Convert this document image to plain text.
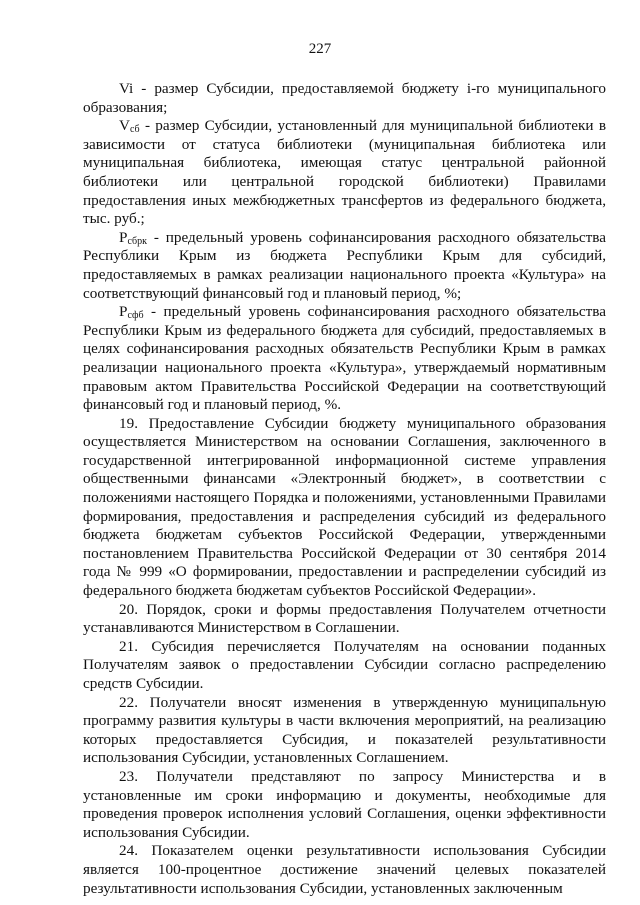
227

Vi - размер Субсидии, предоставляемой бюджету i-го муниципального образования;

$V_{сб}$ - размер Субсидии, установленный для муниципальной библиотеки в зависимости от статуса библиотеки (муниципальная библиотека или муниципальная библиотека, имеющая статус центральной районной библиотеки или центральной городской библиотеки) Правилами предоставления иных межбюджетных трансфертов из федерального бюджета, тыс. руб.;

$P_{сбрк}$ - предельный уровень софинансирования расходного обязательства Республики Крым из бюджета Республики Крым для субсидий, предоставляемых в рамках реализации национального проекта «Культура» на соответствующий финансовый год и плановый период, %;

$P_{сфб}$ - предельный уровень софинансирования расходного обязательства Республики Крым из федерального бюджета для субсидий, предоставляемых в целях софинансирования расходных обязательств Республики Крым в рамках реализации национального проекта «Культура», утверждаемый нормативным правовым актом Правительства Российской Федерации на соответствующий финансовый год и плановый период, %.

19. Предоставление Субсидии бюджету муниципального образования осуществляется Министерством на основании Соглашения, заключенного в государственной интегрированной информационной системе управления общественными финансами «Электронный бюджет», в соответствии с положениями настоящего Порядка и положениями, установленными Правилами формирования, предоставления и распределения субсидий из федерального бюджета бюджетам субъектов Российской Федерации, утвержденными постановлением Правительства Российской Федерации от 30 сентября 2014 года № 999 «О формировании, предоставлении и распределении субсидий из федерального бюджета бюджетам субъектов Российской Федерации».

20. Порядок, сроки и формы предоставления Получателем отчетности устанавливаются Министерством в Соглашении.

21. Субсидия перечисляется Получателям на основании поданных Получателям заявок о предоставлении Субсидии согласно распределению средств Субсидии.

22. Получатели вносят изменения в утвержденную муниципальную программу развития культуры в части включения мероприятий, на реализацию которых предоставляется Субсидия, и показателей результативности использования Субсидии, установленных Соглашением.

23. Получатели представляют по запросу Министерства и в установленные им сроки информацию и документы, необходимые для проведения проверок исполнения условий Соглашения, оценки эффективности использования Субсидии.

24. Показателем оценки результативности использования Субсидии является 100-процентное достижение значений целевых показателей результативности использования Субсидии, установленных заключенным
